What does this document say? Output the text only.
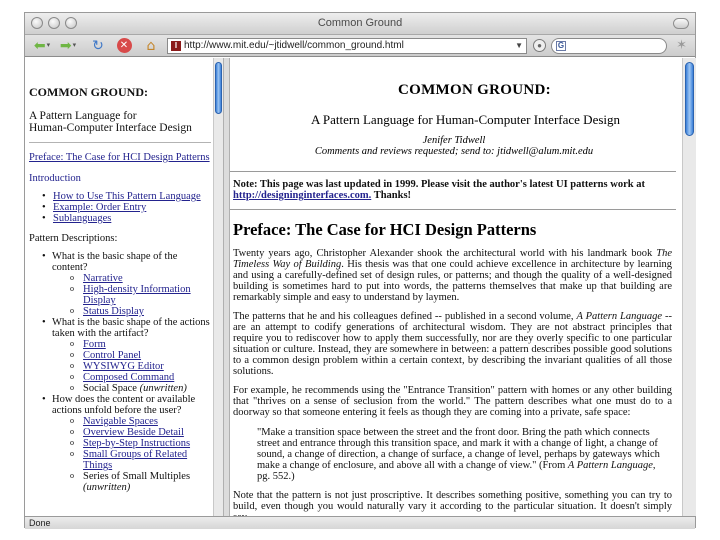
Common Ground
⬅ ▾ ➡ ▾ ↻	✕ ⌂	I http://www.mit.edu/~jtidwell/common_ground.html	▼	●	G	✶
COMMON GROUND:
A Pattern Language for
Human-Computer Interface Design
Preface: The Case for HCI Design Patterns
Introduction
• How to Use This Pattern Language
• Example: Order Entry
• Sublanguages
Pattern Descriptions:
• What is the basic shape of the content?
o Narrative
o High-density Information Display
o Status Display
• What is the basic shape of the actions taken with the artifact?
o Form
o Control Panel
o WYSIWYG Editor
o Composed Command
o Social Space (unwritten)
• How does the content or available actions unfold before the user?
o Navigable Spaces
o Overview Beside Detail
o Step-by-Step Instructions
o Small Groups of Related Things
o Series of Small Multiples
(unwritten)
COMMON GROUND:
A Pattern Language for Human-Computer Interface Design
Jenifer Tidwell
Comments and reviews requested; send to: jtidwell@alum.mit.edu
Note: This page was last updated in 1999. Please visit the author's latest UI patterns work at http://designinginterfaces.com. Thanks!
Preface: The Case for HCI Design Patterns

Twenty years ago, Christopher Alexander shook the architectural world with his landmark book The Timeless Way of Building. His thesis was that one could achieve excellence in architecture by learning and using a carefully-defined set of design rules, or patterns; and though the quality of a well-designed building is sometimes hard to put into words, the patterns themselves that make up that building are remarkably simple and easy to understand by laymen.

The patterns that he and his colleagues defined -- published in a second volume, A Pattern Language -- are an attempt to codify generations of architectural wisdom. They are not abstract principles that require you to rediscover how to apply them successfully, nor are they overly specific to one particular situation or culture. Instead, they are somewhere in between: a pattern describes possible good solutions to a common design problem within a certain context, by describing the invariant qualities of all those solutions.

For example, he recommends using the "Entrance Transition" pattern with homes or any other building that "thrives on a sense of seclusion from the world." The pattern describes what one must do to a doorway so that someone entering it feels as though they are coming into a private, safe space:

"Make a transition space between the street and the front door. Bring the path which connects street and entrance through this transition space, and mark it with a change of light, a change of sound, a change of direction, a change of surface, a change of level, perhaps by gateways which make a change of enclosure, and above all with a change of view." (From A Pattern Language, pg. 552.)

Note that the pattern is not just proscriptive. It describes something positive, something you can try to build, even though you would naturally vary it according to the particular situation. It doesn't simply

Done
